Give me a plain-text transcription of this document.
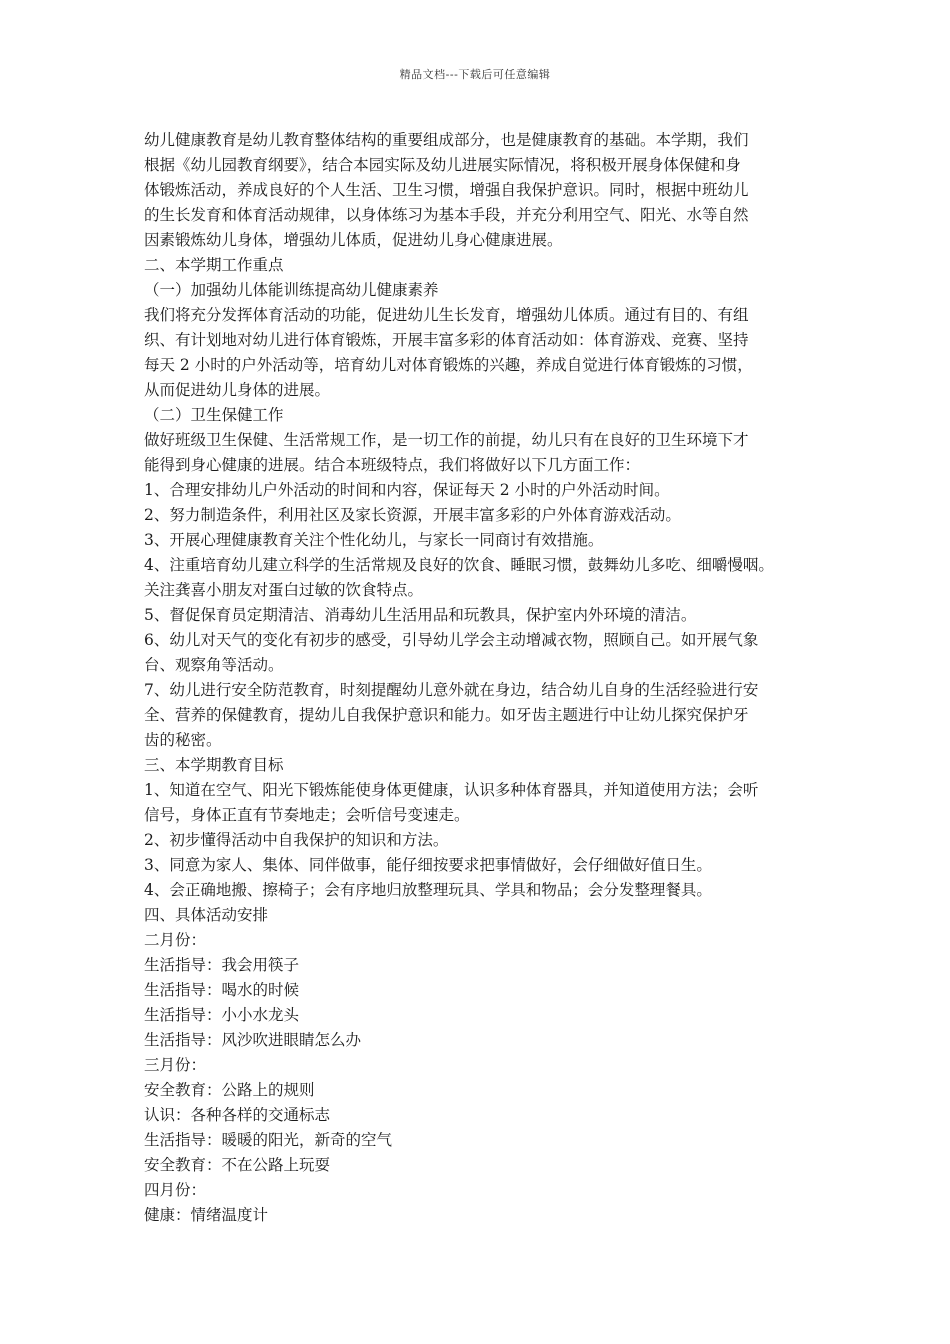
精品文档---下载后可任意编辑
幼儿健康教育是幼儿教育整体结构的重要组成部分，也是健康教育的基础。本学期，我们
根据《幼儿园教育纲要》，结合本园实际及幼儿进展实际情况，将积极开展身体保健和身
体锻炼活动，养成良好的个人生活、卫生习惯，增强自我保护意识。同时，根据中班幼儿
的生长发育和体育活动规律，以身体练习为基本手段，并充分利用空气、阳光、水等自然
因素锻炼幼儿身体，增强幼儿体质，促进幼儿身心健康进展。
二、本学期工作重点
（一）加强幼儿体能训练提高幼儿健康素养
我们将充分发挥体育活动的功能，促进幼儿生长发育，增强幼儿体质。通过有目的、有组
织、有计划地对幼儿进行体育锻炼，开展丰富多彩的体育活动如：体育游戏、竞赛、坚持
每天 2 小时的户外活动等，培育幼儿对体育锻炼的兴趣，养成自觉进行体育锻炼的习惯，
从而促进幼儿身体的进展。
（二）卫生保健工作
做好班级卫生保健、生活常规工作，是一切工作的前提，幼儿只有在良好的卫生环境下才
能得到身心健康的进展。结合本班级特点，我们将做好以下几方面工作：
1、合理安排幼儿户外活动的时间和内容，保证每天 2 小时的户外活动时间。
2、努力制造条件，利用社区及家长资源，开展丰富多彩的户外体育游戏活动。
3、开展心理健康教育关注个性化幼儿，与家长一同商讨有效措施。
4、注重培育幼儿建立科学的生活常规及良好的饮食、睡眠习惯，鼓舞幼儿多吃、细嚼慢咽。
关注龚喜小朋友对蛋白过敏的饮食特点。
5、督促保育员定期清洁、消毒幼儿生活用品和玩教具，保护室内外环境的清洁。
6、幼儿对天气的变化有初步的感受，引导幼儿学会主动增减衣物，照顾自己。如开展气象
台、观察角等活动。
7、幼儿进行安全防范教育，时刻提醒幼儿意外就在身边，结合幼儿自身的生活经验进行安
全、营养的保健教育，提幼儿自我保护意识和能力。如牙齿主题进行中让幼儿探究保护牙
齿的秘密。
三、本学期教育目标
1、知道在空气、阳光下锻炼能使身体更健康，认识多种体育器具，并知道使用方法；会听
信号，身体正直有节奏地走；会听信号变速走。
2、初步懂得活动中自我保护的知识和方法。
3、同意为家人、集体、同伴做事，能仔细按要求把事情做好，会仔细做好值日生。
4、会正确地搬、擦椅子；会有序地归放整理玩具、学具和物品；会分发整理餐具。
四、具体活动安排
二月份：
生活指导：我会用筷子
生活指导：喝水的时候
生活指导：小小水龙头
生活指导：风沙吹进眼睛怎么办
三月份：
安全教育：公路上的规则
认识：各种各样的交通标志
生活指导：暖暖的阳光，新奇的空气
安全教育：不在公路上玩耍
四月份：
健康：情绪温度计
